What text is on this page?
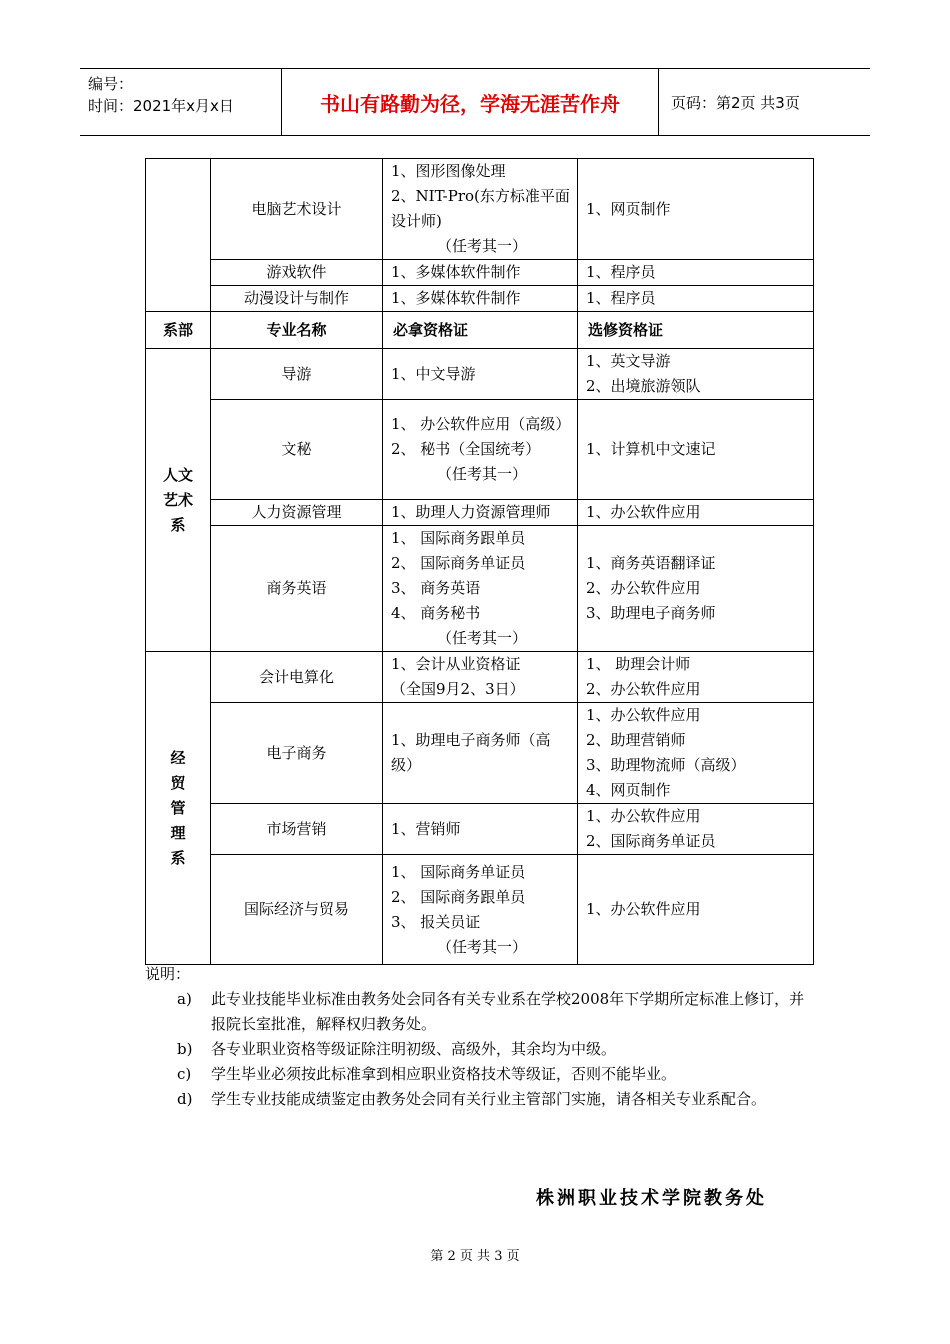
编号：
时间：2021年x月x日	书山有路勤为径，学海无涯苦作舟	页码：第2页 共3页
	电脑艺术设计	1、图形图像处理
2、NIT-Pro(东方标准平面设计师)
（任考其一）	1、网页制作

	游戏软件	1、多媒体软件制作	1、程序员

	动漫设计与制作	1、多媒体软件制作	1、程序员

系部	专业名称	必拿资格证	选修资格证

人文
艺术
系	导游	1、中文导游	1、英文导游
2、出境旅游领队

	文秘	1、 办公软件应用（高级）
2、 秘书（全国统考）
（任考其一）	1、计算机中文速记

	人力资源管理	1、助理人力资源管理师	1、办公软件应用

	商务英语	1、 国际商务跟单员
2、 国际商务单证员
3、 商务英语
4、 商务秘书
（任考其一）	1、商务英语翻译证
2、办公软件应用
3、助理电子商务师

经
贸
管
理
系	会计电算化	1、会计从业资格证
（全国9月2、3日）	1、 助理会计师
2、办公软件应用

	电子商务	1、助理电子商务师（高级）	1、办公软件应用
2、助理营销师
3、助理物流师（高级）
4、网页制作

	市场营销	1、营销师	1、办公软件应用
2、国际商务单证员

	国际经济与贸易	1、 国际商务单证员
2、 国际商务跟单员
3、 报关员证
（任考其一）	1、办公软件应用
说明：
a) 此专业技能毕业标准由教务处会同各有关专业系在学校2008年下学期所定标准上修订，并报院长室批准，解释权归教务处。
b) 各专业职业资格等级证除注明初级、高级外，其余均为中级。
c) 学生毕业必须按此标准拿到相应职业资格技术等级证，否则不能毕业。
d) 学生专业技能成绩鉴定由教务处会同有关行业主管部门实施，请各相关专业系配合。
株洲职业技术学院教务处
第 2 页 共 3 页
